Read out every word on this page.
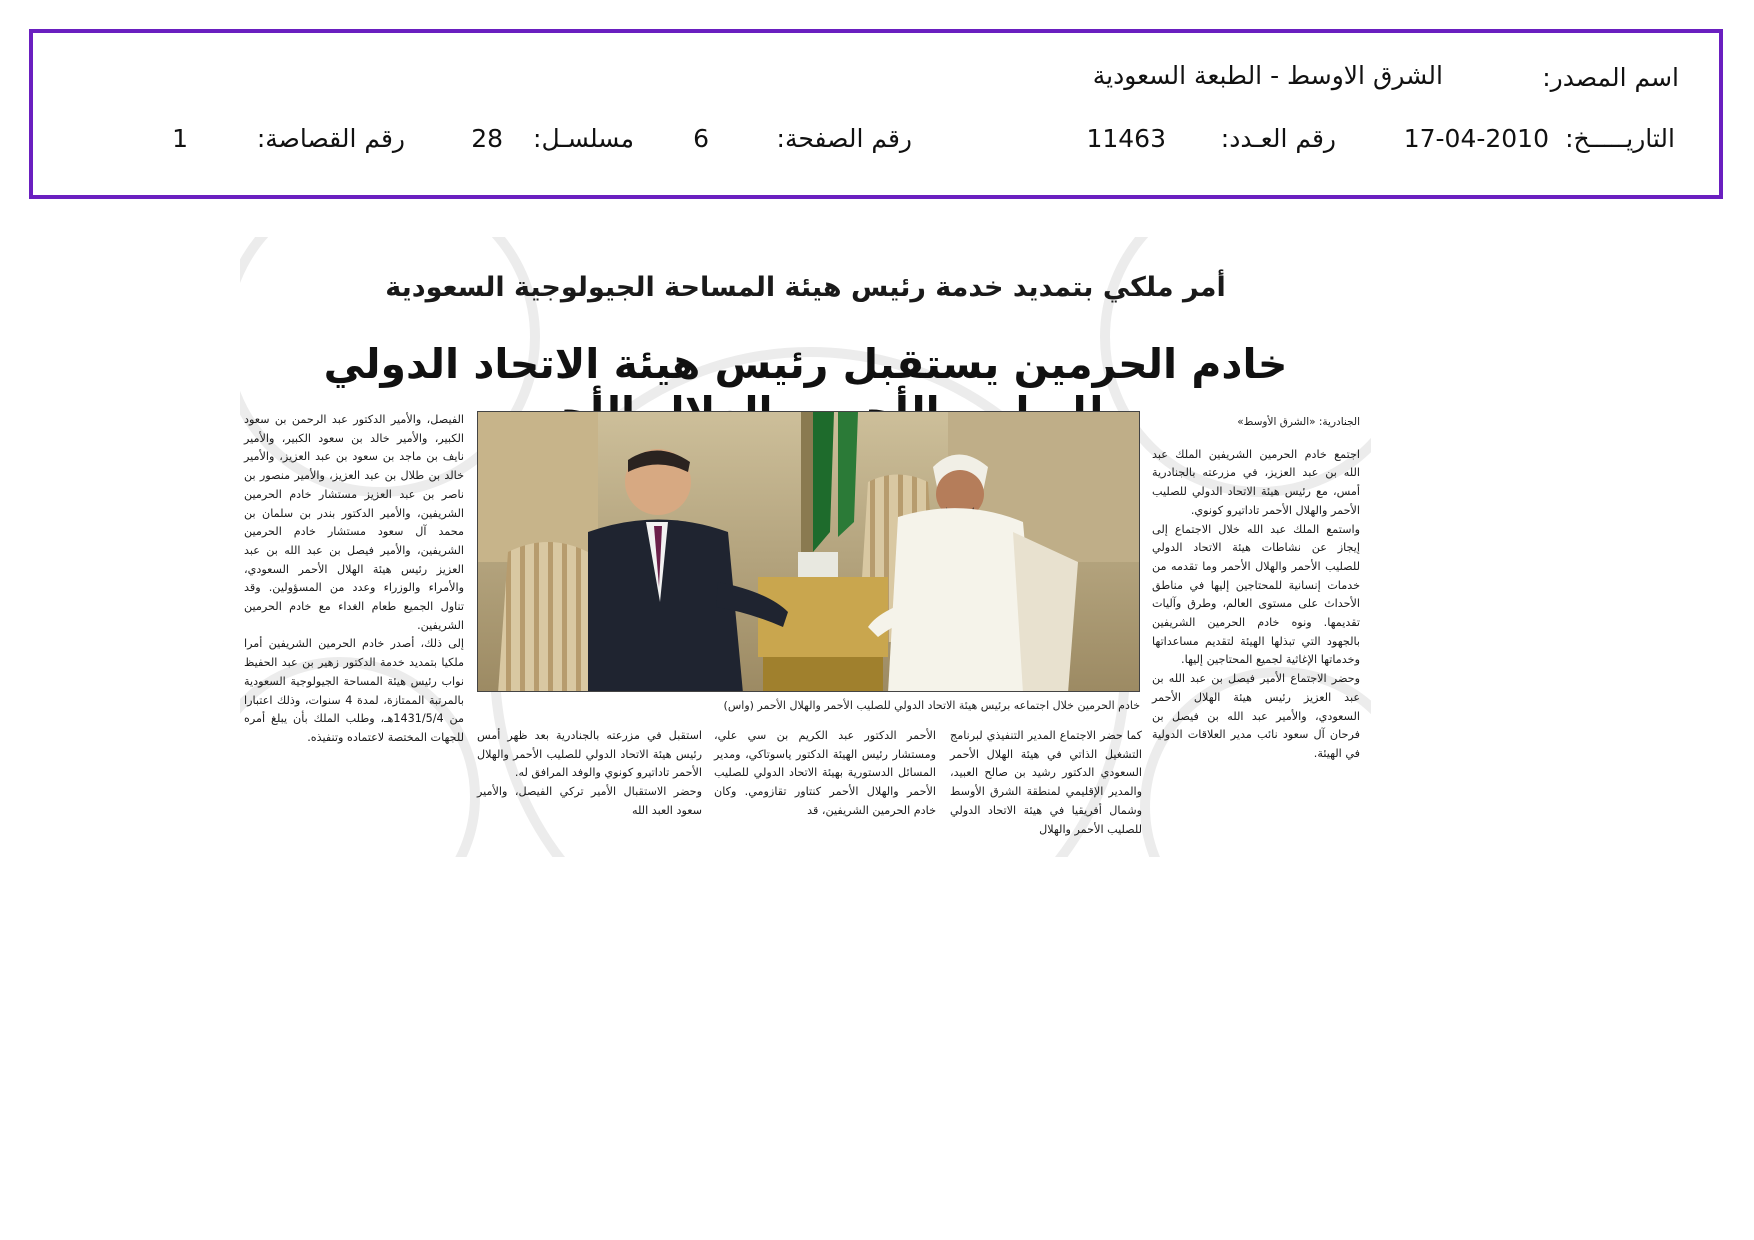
اسم المصدر:
الشرق الاوسط - الطبعة السعودية
التاريـــــخ:
17-04-2010
رقم العـدد:
11463
رقم الصفحة:
6
مسلسـل:
28
رقم القصاصة:
1
أمر ملكي بتمديد خدمة رئيس هيئة المساحة الجيولوجية السعودية
خادم الحرمين يستقبل رئيس هيئة الاتحاد الدولي

الجنادرية: «الشرق الأوسط»

اجتمع خادم الحرمين الشريفين الملك عبد الله بن عبد العزيز، في مزرعته بالجنادرية أمس، مع رئيس هيئة الاتحاد الدولي للصليب الأحمر والهلال الأحمر تاداتيرو كونوي.

واستمع الملك عبد الله خلال الاجتماع إلى إيجاز عن نشاطات هيئة الاتحاد الدولي للصليب الأحمر والهلال الأحمر وما تقدمه من خدمات إنسانية للمحتاجين إليها في مناطق الأحداث على مستوى العالم، وطرق وآليات تقديمها. ونوه خادم الحرمين الشريفين بالجهود التي تبذلها الهيئة لتقديم مساعداتها وخدماتها الإغاثية لجميع المحتاجين إليها.

وحضر الاجتماع الأمير فيصل بن عبد الله بن عبد العزيز رئيس هيئة الهلال الأحمر السعودي، والأمير عبد الله بن فيصل بن فرحان آل سعود نائب مدير العلاقات الدولية في الهيئة.

خادم الحرمين خلال اجتماعه برئيس هيئة الاتحاد الدولي للصليب الأحمر والهلال الأحمر (واس)

كما حضر الاجتماع المدير التنفيذي لبرنامج التشغيل الذاتي في هيئة الهلال الأحمر السعودي الدكتور رشيد بن صالح العبيد، والمدير الإقليمي لمنطقة الشرق الأوسط وشمال أفريقيا في هيئة الاتحاد الدولي للصليب الأحمر والهلال

الأحمر الدكتور عبد الكريم بن سي علي، ومستشار رئيس الهيئة الدكتور ياسوتاكي، ومدير المسائل الدستورية بهيئة الاتحاد الدولي للصليب الأحمر والهلال الأحمر كنتاور تقازومي. وكان خادم الحرمين الشريفين، قد

استقبل في مزرعته بالجنادرية بعد ظهر أمس رئيس هيئة الاتحاد الدولي للصليب الأحمر والهلال الأحمر تاداتيرو كونوي والوفد المرافق له.

وحضر الاستقبال الأمير تركي الفيصل، والأمير سعود العبد الله

الفيصل، والأمير الدكتور عبد الرحمن بن سعود الكبير، والأمير خالد بن سعود الكبير، والأمير نايف بن ماجد بن سعود بن عبد العزيز، والأمير خالد بن طلال بن عبد العزيز، والأمير منصور بن ناصر بن عبد العزيز مستشار خادم الحرمين الشريفين، والأمير الدكتور بندر بن سلمان بن محمد آل سعود مستشار خادم الحرمين الشريفين، والأمير فيصل بن عبد الله بن عبد العزيز رئيس هيئة الهلال الأحمر السعودي، والأمراء والوزراء وعدد من المسؤولين. وقد تناول الجميع طعام الغداء مع خادم الحرمين الشريفين.

إلى ذلك، أصدر خادم الحرمين الشريفين أمرا ملكيا بتمديد خدمة الدكتور زهير بن عبد الحفيظ نواب رئيس هيئة المساحة الجيولوجية السعودية بالمرتبة الممتازة، لمدة 4 سنوات، وذلك اعتبارا من 1431/5/4هـ، وطلب الملك بأن يبلغ أمره للجهات المختصة لاعتماده وتنفيذه.
